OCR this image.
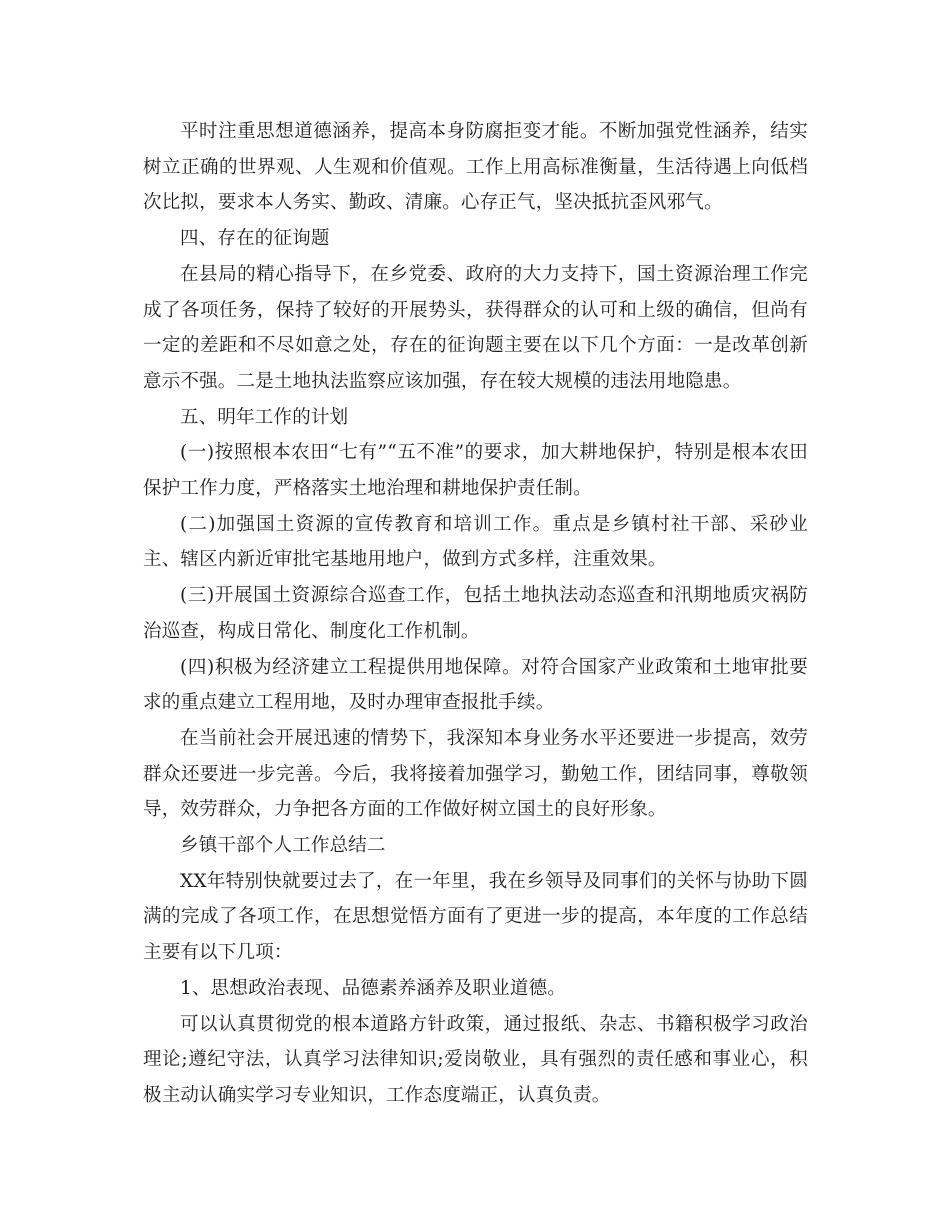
平时注重思想道德涵养，提高本身防腐拒变才能。不断加强党性涵养，结实树立正确的世界观、人生观和价值观。工作上用高标准衡量，生活待遇上向低档次比拟，要求本人务实、勤政、清廉。心存正气，坚决抵抗歪风邪气。

四、存在的征询题

在县局的精心指导下，在乡党委、政府的大力支持下，国土资源治理工作完成了各项任务，保持了较好的开展势头，获得群众的认可和上级的确信，但尚有一定的差距和不尽如意之处，存在的征询题主要在以下几个方面：一是改革创新意示不强。二是土地执法监察应该加强，存在较大规模的违法用地隐患。

五、明年工作的计划

(一)按照根本农田“七有”“五不准”的要求，加大耕地保护，特别是根本农田保护工作力度，严格落实土地治理和耕地保护责任制。

(二)加强国土资源的宣传教育和培训工作。重点是乡镇村社干部、采砂业主、辖区内新近审批宅基地用地户，做到方式多样，注重效果。

(三)开展国土资源综合巡查工作，包括土地执法动态巡查和汛期地质灾祸防治巡查，构成日常化、制度化工作机制。

(四)积极为经济建立工程提供用地保障。对符合国家产业政策和土地审批要求的重点建立工程用地，及时办理审查报批手续。

在当前社会开展迅速的情势下，我深知本身业务水平还要进一步提高，效劳群众还要进一步完善。今后，我将接着加强学习，勤勉工作，团结同事，尊敬领导，效劳群众，力争把各方面的工作做好树立国土的良好形象。

乡镇干部个人工作总结二

XX年特别快就要过去了，在一年里，我在乡领导及同事们的关怀与协助下圆满的完成了各项工作，在思想觉悟方面有了更进一步的提高，本年度的工作总结主要有以下几项：

1、思想政治表现、品德素养涵养及职业道德。

可以认真贯彻党的根本道路方针政策，通过报纸、杂志、书籍积极学习政治理论;遵纪守法，认真学习法律知识;爱岗敬业，具有强烈的责任感和事业心，积极主动认确实学习专业知识，工作态度端正，认真负责。
